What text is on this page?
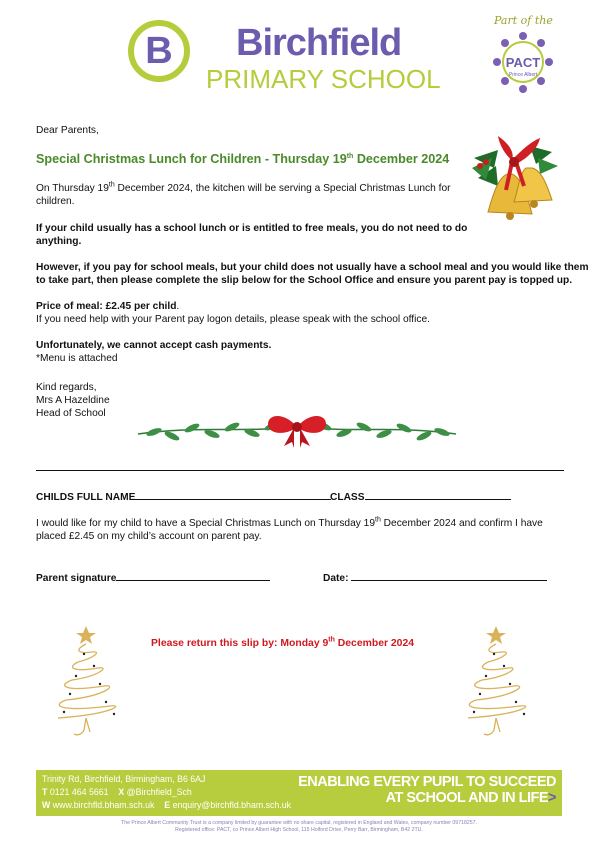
B Birchfield
PRIMARY SCHOOL
Part of the
PACT
Prince Albert
Dear Parents,
Special Christmas Lunch for Children - Thursday 19th December 2024
On Thursday 19th December 2024, the kitchen will be serving a Special Christmas Lunch for
children.
If your child usually has a school lunch or is entitled to free meals, you do not need to do
anything.
However, if you pay for school meals, but your child does not usually have a school meal and you would like them
to take part, then please complete the slip below for the School Office and ensure you parent pay is topped up.
Price of meal: £2.45 per child.
If you need help with your Parent pay logon details, please speak with the school office.
Unfortunately, we cannot accept cash payments.
*Menu is attached
Kind regards,
Mrs A Hazeldine
Head of School
CHILDS FULL NAME	CLASS
I would like for my child to have a Special Christmas Lunch on Thursday 19th December 2024 and confirm I have
placed £2.45 on my child’s account on parent pay.
Parent signature	Date:
Please return this slip by: Monday 9th December 2024
Trinity Rd, Birchfield, Birmingham, B6 6AJ
T 0121 464 5661 X @Birchfield_Sch
W www.birchfld.bham.sch.uk E enquiry@birchfld.bham.sch.uk
ENABLING EVERY PUPIL TO SUCCEED
AT SCHOOL AND IN LIFE>
The Prince Albert Community Trust is a company limited by guarantee with no share capital, registered in England and Wales, company number 09718257.
Registered office: PACT, co Prince Albert High School, 115 Holford Drive, Perry Barr, Birmingham, B42 2TU.
